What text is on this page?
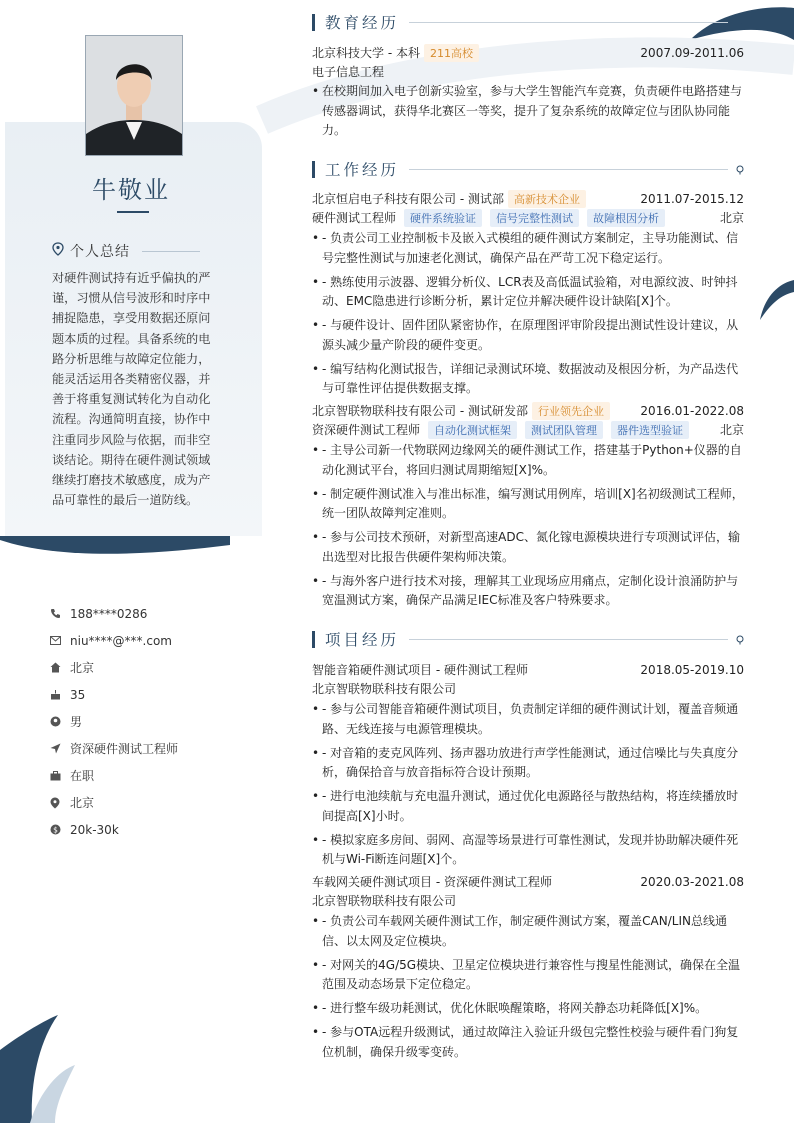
牛敬业
个人总结
对硬件测试持有近乎偏执的严谨，习惯从信号波形和时序中捕捉隐患，享受用数据还原问题本质的过程。具备系统的电路分析思维与故障定位能力，能灵活运用各类精密仪器，并善于将重复测试转化为自动化流程。沟通简明直接，协作中注重同步风险与依据，而非空谈结论。期待在硬件测试领域继续打磨技术敏感度，成为产品可靠性的最后一道防线。
188****0286
niu****@***.com
北京
35
男
资深硬件测试工程师
在职
北京
$ 20k-30k
教育经历
北京科技大学 - 本科 211高校	2007.09-2011.06
电子信息工程
• 在校期间加入电子创新实验室，参与大学生智能汽车竞赛，负责硬件电路搭建与传感器调试，获得华北赛区一等奖，提升了复杂系统的故障定位与团队协同能力。
工作经历
北京恒启电子科技有限公司 - 测试部 高新技术企业	2011.07-2015.12
硬件测试工程师	硬件系统验证	信号完整性测试	故障根因分析	北京
• - 负责公司工业控制板卡及嵌入式模组的硬件测试方案制定，主导功能测试、信号完整性测试与加速老化测试，确保产品在严苛工况下稳定运行。
• - 熟练使用示波器、逻辑分析仪、LCR表及高低温试验箱，对电源纹波、时钟抖动、EMC隐患进行诊断分析，累计定位并解决硬件设计缺陷[X]个。
• - 与硬件设计、固件团队紧密协作，在原理图评审阶段提出测试性设计建议，从源头减少量产阶段的硬件变更。
• - 编写结构化测试报告，详细记录测试环境、数据波动及根因分析，为产品迭代与可靠性评估提供数据支撑。
北京智联物联科技有限公司 - 测试研发部 行业领先企业	2016.01-2022.08
资深硬件测试工程师	自动化测试框架	测试团队管理	器件选型验证	北京
• - 主导公司新一代物联网边缘网关的硬件测试工作，搭建基于Python+仪器的自动化测试平台，将回归测试周期缩短[X]%。
• - 制定硬件测试准入与准出标准，编写测试用例库，培训[X]名初级测试工程师，统一团队故障判定准则。
• - 参与公司技术预研，对新型高速ADC、氮化镓电源模块进行专项测试评估，输出选型对比报告供硬件架构师决策。
• - 与海外客户进行技术对接，理解其工业现场应用痛点，定制化设计浪涌防护与宽温测试方案，确保产品满足IEC标准及客户特殊要求。
项目经历
智能音箱硬件测试项目 - 硬件测试工程师	2018.05-2019.10
北京智联物联科技有限公司
• - 参与公司智能音箱硬件测试项目，负责制定详细的硬件测试计划，覆盖音频通路、无线连接与电源管理模块。
• - 对音箱的麦克风阵列、扬声器功放进行声学性能测试，通过信噪比与失真度分析，确保拾音与放音指标符合设计预期。
• - 进行电池续航与充电温升测试，通过优化电源路径与散热结构，将连续播放时间提高[X]小时。
• - 模拟家庭多房间、弱网、高湿等场景进行可靠性测试，发现并协助解决硬件死机与Wi-Fi断连问题[X]个。
车载网关硬件测试项目 - 资深硬件测试工程师	2020.03-2021.08
北京智联物联科技有限公司
• - 负责公司车载网关硬件测试工作，制定硬件测试方案，覆盖CAN/LIN总线通信、以太网及定位模块。
• - 对网关的4G/5G模块、卫星定位模块进行兼容性与搜星性能测试，确保在全温范围及动态场景下定位稳定。
• - 进行整车级功耗测试，优化休眠唤醒策略，将网关静态功耗降低[X]%。
• - 参与OTA远程升级测试，通过故障注入验证升级包完整性校验与硬件看门狗复位机制，确保升级零变砖。
